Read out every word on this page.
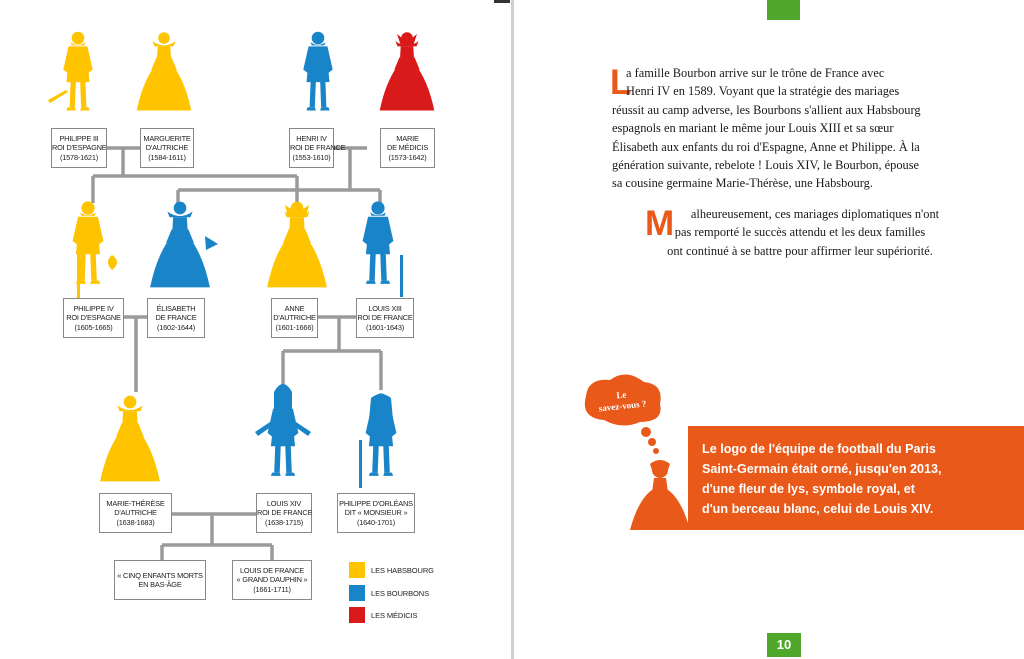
Le
savez-vous ?
PHILIPPE III
ROI D'ESPAGNE
(1578-1621)
MARGUERITE
D'AUTRICHE
(1584-1611)
HENRI IV
ROI DE FRANCE
(1553-1610)
MARIE
DE MÉDICIS
(1573-1642)
PHILIPPE IV
ROI D'ESPAGNE
(1605-1665)
ÉLISABETH
DE FRANCE
(1602-1644)
ANNE
D'AUTRICHE
(1601-1666)
LOUIS XIII
ROI DE FRANCE
(1601-1643)
MARIE-THÉRÈSE
D'AUTRICHE
(1638-1683)
LOUIS XIV
ROI DE FRANCE
(1638-1715)
PHILIPPE D'ORLÉANS
DIT « MONSIEUR »
(1640-1701)
« CINQ ENFANTS MORTS
EN BAS-ÂGE
LOUIS DE FRANCE
« GRAND DAUPHIN »
(1661-1711)
LES HABSBOURG
LES BOURBONS
LES MÉDICIS
L
a famille Bourbon arrive sur le trône de France avec
Henri IV en 1589. Voyant que la stratégie des mariages
réussit au camp adverse, les Bourbons s'allient aux Habsbourg
espagnols en mariant le même jour Louis XIII et sa sœur
Élisabeth aux enfants du roi d'Espagne, Anne et Philippe. À la
génération suivante, rebelote ! Louis XIV, le Bourbon, épouse
sa cousine germaine Marie-Thérèse, une Habsbourg.
M	alheureusement, ces mariages diplomatiques n'ont
pas remporté le succès attendu et les deux familles
ont continué à se battre pour affirmer leur supériorité.
Le logo de l'équipe de football du Paris
Saint-Germain était orné, jusqu'en 2013,
d'une fleur de lys, symbole royal, et
d'un berceau blanc, celui de Louis XIV.
10
